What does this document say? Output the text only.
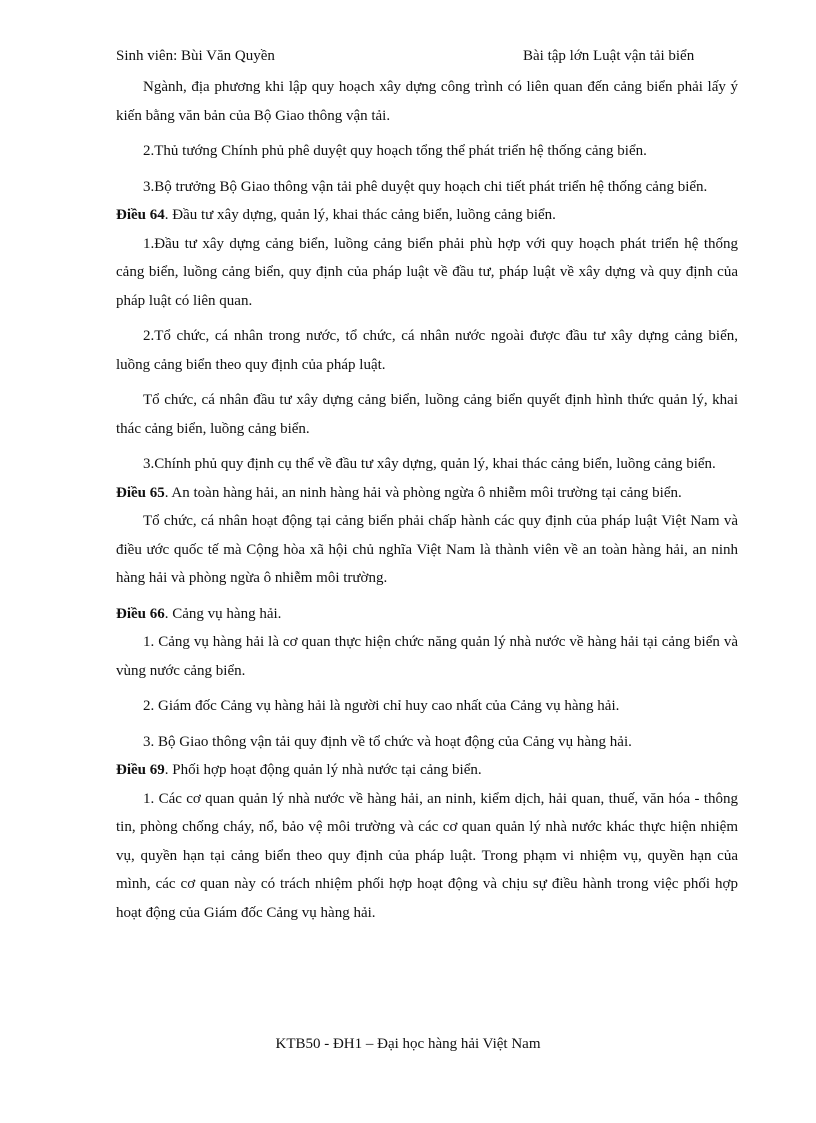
Sinh viên: Bùi Văn Quyền	Bài tập lớn Luật vận tải biển

Ngành, địa phương khi lập quy hoạch xây dựng công trình có liên quan đến cảng biển phải lấy ý kiến bằng văn bản của Bộ Giao thông vận tải.

2.Thủ tướng Chính phủ phê duyệt quy hoạch tổng thể phát triển hệ thống cảng biển.

3.Bộ trưởng Bộ Giao thông vận tải phê duyệt quy hoạch chi tiết phát triển hệ thống cảng biển.

Điều 64. Đầu tư xây dựng, quản lý, khai thác cảng biển, luồng cảng biển.

1.Đầu tư xây dựng cảng biển, luồng cảng biển phải phù hợp với quy hoạch phát triển hệ thống cảng biển, luồng cảng biển, quy định của pháp luật về đầu tư, pháp luật về xây dựng và quy định của pháp luật có liên quan.

2.Tổ chức, cá nhân trong nước, tổ chức, cá nhân nước ngoài được đầu tư xây dựng cảng biển, luồng cảng biển theo quy định của pháp luật.

Tổ chức, cá nhân đầu tư xây dựng cảng biển, luồng cảng biển quyết định hình thức quản lý, khai thác cảng biển, luồng cảng biển.

3.Chính phủ quy định cụ thể về đầu tư xây dựng, quản lý, khai thác cảng biển, luồng cảng biển.

Điều 65. An toàn hàng hải, an ninh hàng hải và phòng ngừa ô nhiễm môi trường tại cảng biển.

Tổ chức, cá nhân hoạt động tại cảng biển phải chấp hành các quy định của pháp luật Việt Nam và điều ước quốc tế mà Cộng hòa xã hội chủ nghĩa Việt Nam là thành viên về an toàn hàng hải, an ninh hàng hải và phòng ngừa ô nhiễm môi trường.

Điều 66. Cảng vụ hàng hải.

1. Cảng vụ hàng hải là cơ quan thực hiện chức năng quản lý nhà nước về hàng hải tại cảng biển và vùng nước cảng biển.

2. Giám đốc Cảng vụ hàng hải là người chỉ huy cao nhất của Cảng vụ hàng hải.

3. Bộ Giao thông vận tải quy định về tổ chức và hoạt động của Cảng vụ hàng hải.

Điều 69. Phối hợp hoạt động quản lý nhà nước tại cảng biển.

1. Các cơ quan quản lý nhà nước về hàng hải, an ninh, kiểm dịch, hải quan, thuế, văn hóa - thông tin, phòng chống cháy, nổ, bảo vệ môi trường và các cơ quan quản lý nhà nước khác thực hiện nhiệm vụ, quyền hạn tại cảng biển theo quy định của pháp luật. Trong phạm vi nhiệm vụ, quyền hạn của mình, các cơ quan này có trách nhiệm phối hợp hoạt động và chịu sự điều hành trong việc phối hợp hoạt động của Giám đốc Cảng vụ hàng hải.

KTB50 - ĐH1 – Đại học hàng hải Việt Nam
